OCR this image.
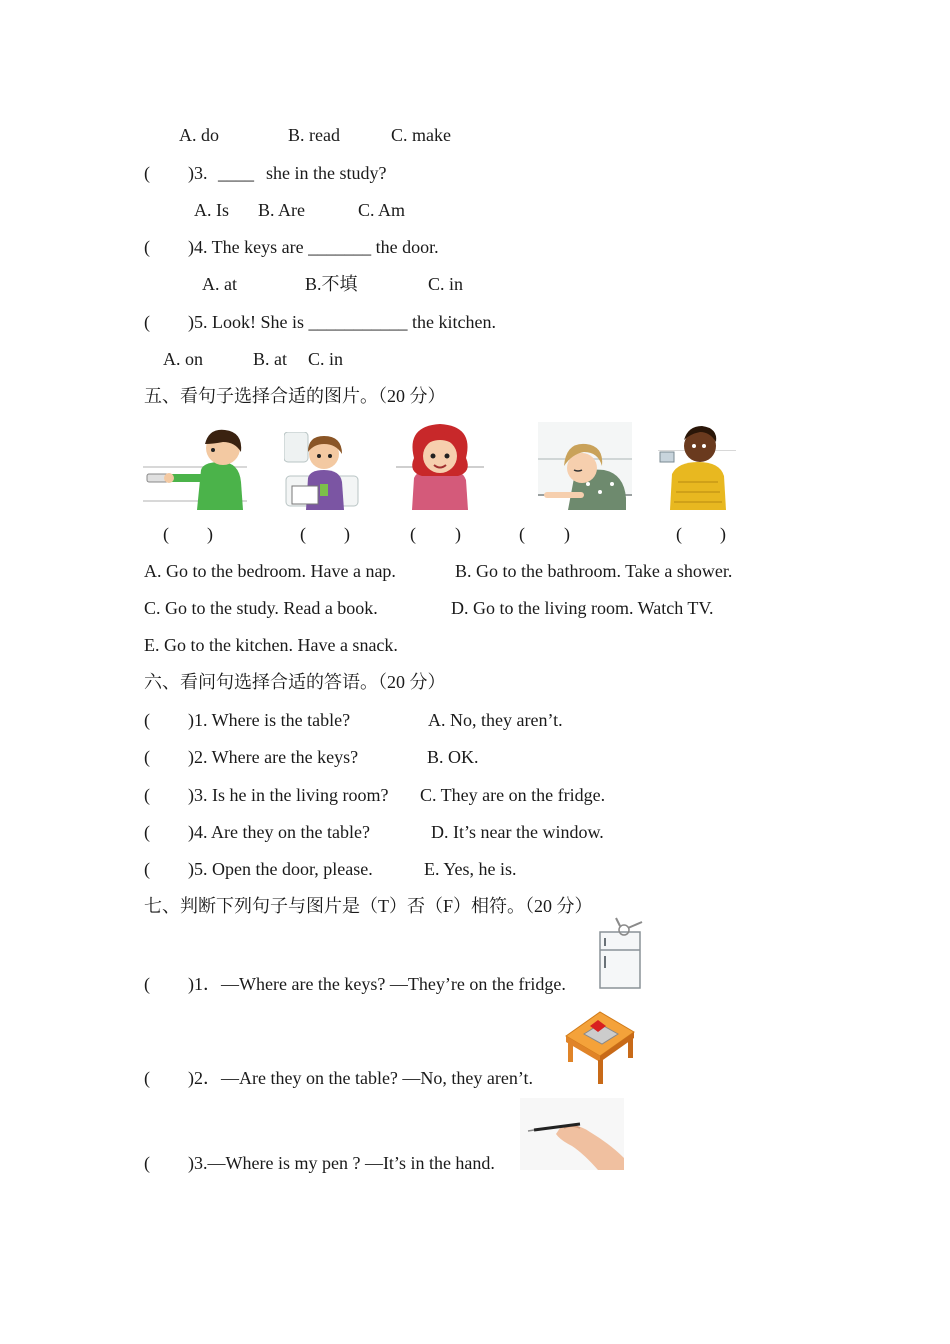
A. do	B. read	C. make
( )3. ____ she in the study?
A. Is B. Are	C. Am
( )4. The keys are _______ the door.
A. at	B.不填	C. in
( )5. Look! She is ___________ the kitchen.
A. on	B. at C. in
五、看句子选择合适的图片。（20 分）
( )	( )	( )	( )	( )
A. Go to the bedroom. Have a nap.	B. Go to the bathroom. Take a shower.
C. Go to the study. Read a book.	D. Go to the living room. Watch TV.
E. Go to the kitchen. Have a snack.
六、看问句选择合适的答语。（20 分）
( )1. Where is the table?	A. No, they aren’t.
( )2. Where are the keys?	B. OK.
( )3. Is he in the living room? C. They are on the fridge.
( )4. Are they on the table?	D. It’s near the window.
( )5. Open the door, please.	E. Yes, he is.
七、判断下列句子与图片是（T）否（F）相符。（20 分）
( )1．—Where are the keys? —They’re on the fridge.
( )2．—Are they on the table? —No, they aren’t.
( )3.—Where is my pen ? —It’s in the hand.
